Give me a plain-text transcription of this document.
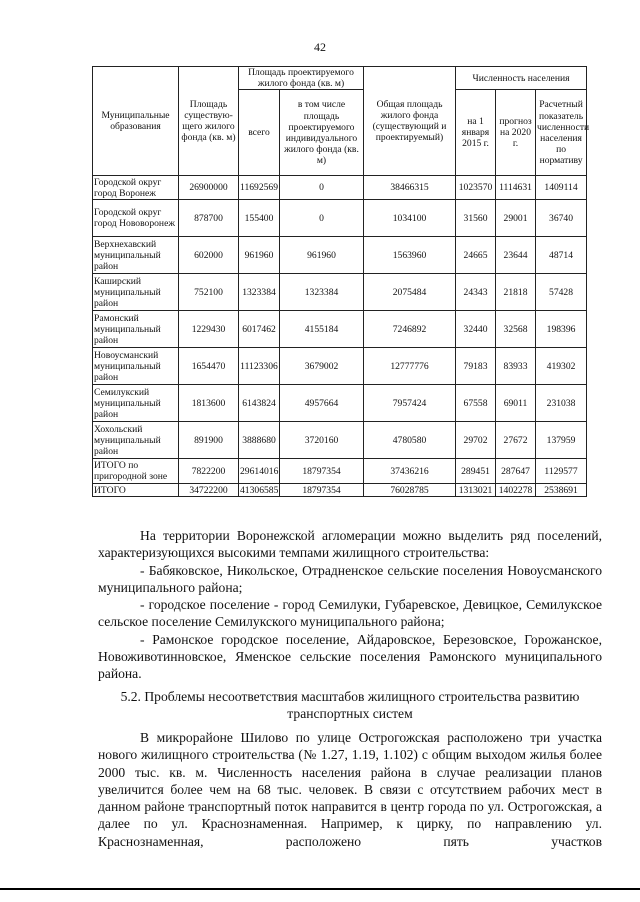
42
Муниципальные образования	Площадь существую-щего жилого фонда (кв. м)	Площадь проектируемого жилого фонда (кв. м)		Общая площадь жилого фонда (существующий и проектируемый)	Численность населения		
		всего	в том числе площадь проектируемого индивидуального жилого фонда (кв. м)		на 1 января 2015 г.	прогноз на 2020 г.	Расчетный показатель численности населения по нормативу
Городской округ город Воронеж	26900000	11692569	0	38466315	1023570	1114631	1409114
Городской округ город Нововоронеж	878700	155400	0	1034100	31560	29001	36740
Верхнехавский муниципальный район	602000	961960	961960	1563960	24665	23644	48714
Каширский муниципальный район	752100	1323384	1323384	2075484	24343	21818	57428
Рамонский муниципальный район	1229430	6017462	4155184	7246892	32440	32568	198396
Новоусманский муниципальный район	1654470	11123306	3679002	12777776	79183	83933	419302
Семилукский муниципальный район	1813600	6143824	4957664	7957424	67558	69011	231038
Хохольский муниципальный район	891900	3888680	3720160	4780580	29702	27672	137959
ИТОГО по пригородной зоне	7822200	29614016	18797354	37436216	289451	287647	1129577
ИТОГО	34722200	41306585	18797354	76028785	1313021	1402278	2538691

На территории Воронежской агломерации можно выделить ряд поселений, характеризующихся высокими темпами жилищного строительства:

- Бабяковское, Никольское, Отрадненское сельские поселения Новоусманского муниципального района;

- городское поселение - город Семилуки, Губаревское, Девицкое, Семилукское сельское поселение Семилукского муниципального района;

- Рамонское городское поселение, Айдаровское, Березовское, Горожанское, Новоживотинновское, Яменское сельские поселения Рамонского муниципального района.

5.2. Проблемы несоответствия масштабов жилищного строительства развитию
транспортных систем

В микрорайоне Шилово по улице Острогожская расположено три участка нового жилищного строительства (№ 1.27, 1.19, 1.102) с общим выходом жилья более 2000 тыс. кв. м. Численность населения района в случае реализации планов увеличится более чем на 68 тыс. человек. В связи с отсутствием рабочих мест в данном районе транспортный поток направится в центр города по ул. Острогожская, а далее по ул. Краснознаменная. Например, к цирку, по направлению ул. Краснознаменная, расположено пять участков
